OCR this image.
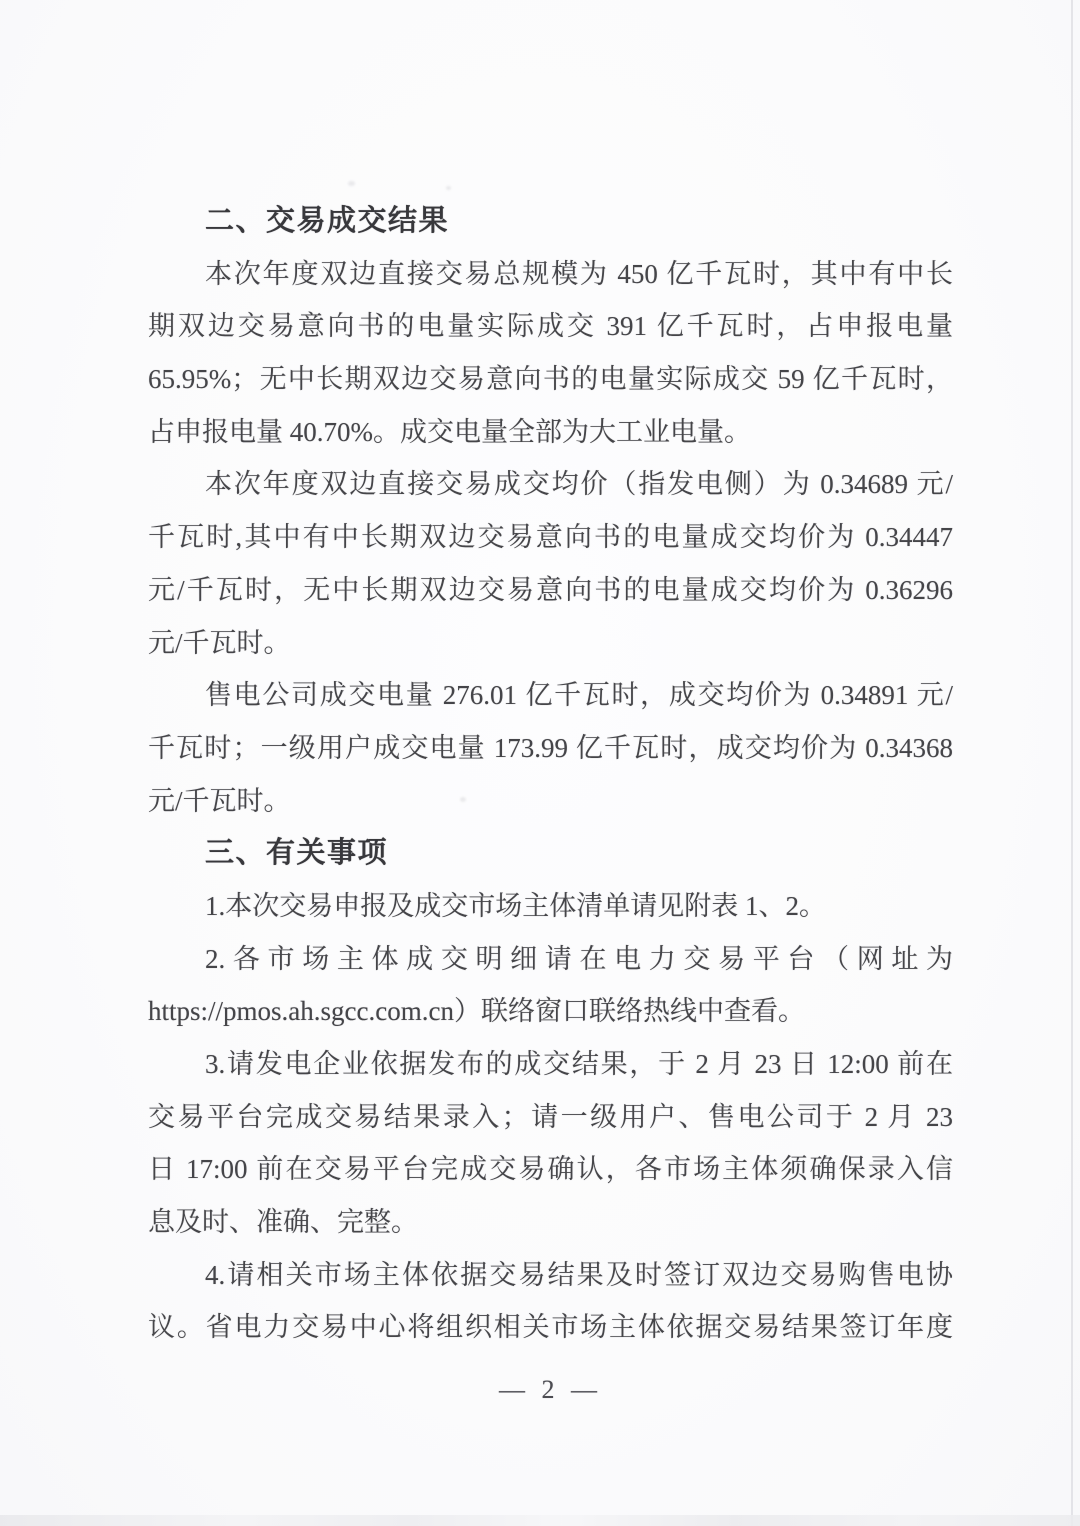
二、交易成交结果
本次年度双边直接交易总规模为 450 亿千瓦时，其中有中长
期双边交易意向书的电量实际成交 391 亿千瓦时，占申报电量
65.95%；无中长期双边交易意向书的电量实际成交 59 亿千瓦时，
占申报电量 40.70%。成交电量全部为大工业电量。
本次年度双边直接交易成交均价（指发电侧）为 0.34689 元/
千瓦时,其中有中长期双边交易意向书的电量成交均价为 0.34447
元/千瓦时，无中长期双边交易意向书的电量成交均价为 0.36296
元/千瓦时。
售电公司成交电量 276.01 亿千瓦时，成交均价为 0.34891 元/
千瓦时；一级用户成交电量 173.99 亿千瓦时，成交均价为 0.34368
元/千瓦时。
三、有关事项
1.本次交易申报及成交市场主体清单请见附表 1、2。
2.各市场主体成交明细请在电力交易平台（网址为
https://pmos.ah.sgcc.com.cn）联络窗口联络热线中查看。
3.请发电企业依据发布的成交结果，于 2 月 23 日 12:00 前在
交易平台完成交易结果录入；请一级用户、售电公司于 2 月 23
日 17:00 前在交易平台完成交易确认，各市场主体须确保录入信
息及时、准确、完整。
4.请相关市场主体依据交易结果及时签订双边交易购售电协
议。省电力交易中心将组织相关市场主体依据交易结果签订年度
— 2 —
